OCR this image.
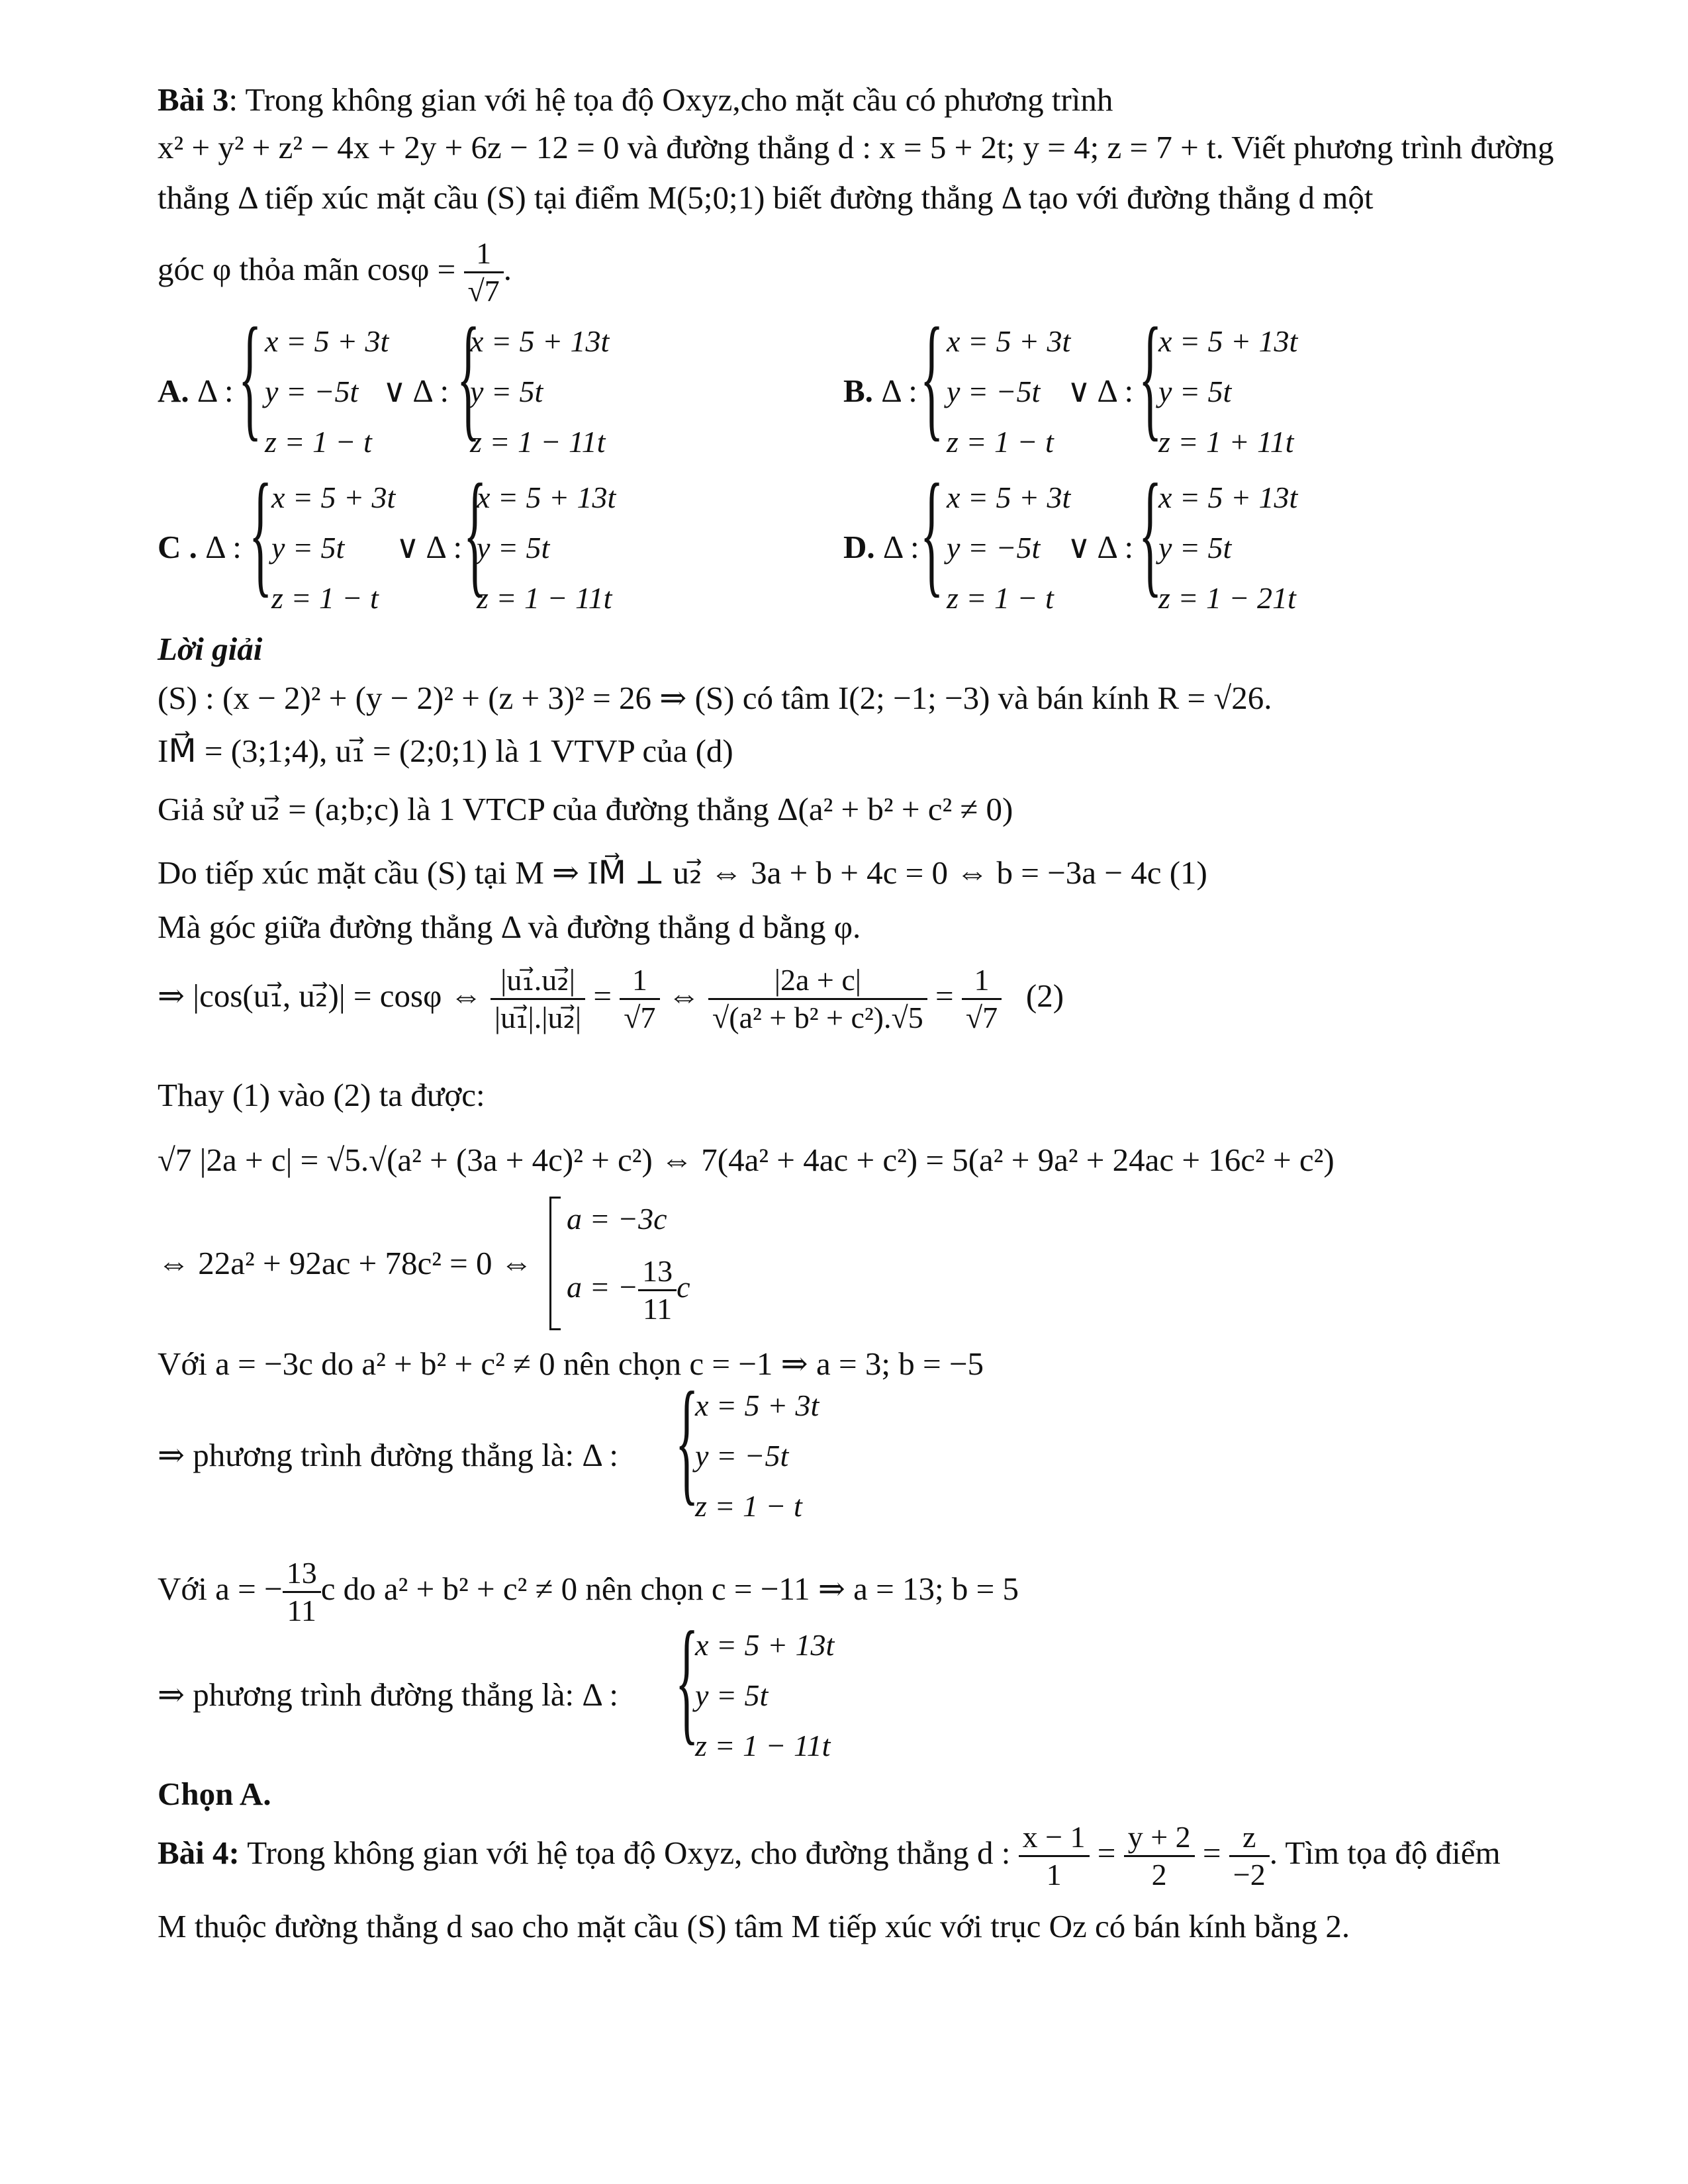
Bài 3: Trong không gian với hệ tọa độ Oxyz,cho mặt cầu có phương trình
x² + y² + z² − 4x + 2y + 6z − 12 = 0 và đường thẳng d : x = 5 + 2t; y = 4; z = 7 + t. Viết phương trình đường
thẳng Δ tiếp xúc mặt cầu (S) tại điểm M(5;0;1) biết đường thẳng Δ tạo với đường thẳng d một
góc φ thỏa mãn $\cos\varphi = \frac{1}{√7}$ .
A. Δ : { x = 5 + 3t
y = −5t
z = 1 − t
∨ Δ : {
x = 5 + 13t
y = 5t
z = 1 − 11t
B. Δ : { x = 5 + 3t
y = −5t
z = 1 − t
∨ Δ : {
x = 5 + 13t
y = 5t
z = 1 + 11t
C . Δ : {
x = 5 + 3t
y = 5t
z = 1 − t
∨ Δ : {
x = 5 + 13t
y = 5t
z = 1 − 11t
D. Δ : { x = 5 + 3t
y = −5t
z = 1 − t
∨ Δ : {
x = 5 + 13t
y = 5t
z = 1 − 21t
Lời giải
(S) : (x − 2)² + (y − 2)² + (z + 3)² = 26 ⇒ (S) có tâm I(2; −1; −3) và bán kính R = √26.
IM⃗ = (3;1;4), u₁⃗ = (2;0;1) là 1 VTVP của (d)
Giả sử u₂⃗ = (a;b;c) là 1 VTCP của đường thẳng Δ(a² + b² + c² ≠ 0)
Do tiếp xúc mặt cầu (S) tại M ⇒ IM⃗ ⊥ u₂⃗ ⇔ 3a + b + 4c = 0 ⇔ b = −3a − 4c (1)
Mà góc giữa đường thẳng Δ và đường thẳng d bằng φ.
⇒ |cos(u₁⃗, u₂⃗)| = cosφ ⇔ $\frac{\text{|u₁⃗.u₂⃗|}}{\text{|u₁⃗|.|u₂⃗|}} = \frac{1}{√7}$ ⇔ $\frac{|2a + c|}{\text{√(a² + b² + c²).√5}} = \frac{1}{√7} (2)$
Thay (1) vào (2) ta được:
√7 |2a + c| = √5.√(a² + (3a + 4c)² + c²) ⇔ 7(4a² + 4ac + c²) = 5(a² + 9a² + 24ac + 16c² + c²)
⇔ 22a² + 92ac + 78c² = 0 ⇔
a = −3c
a = − $\frac{13}{11}$ c
Với a = −3c do a² + b² + c² ≠ 0 nên chọn c = −1 ⇒ a = 3; b = −5
⇒ phương trình đường thẳng là: Δ : {
x = 5 + 3t
y = −5t
z = 1 − t
Với a = − $\frac{13}{11}$ c do a² + b² + c² ≠ 0 nên chọn c = −11 ⇒ a = 13; b = 5
⇒ phương trình đường thẳng là: Δ : {
x = 5 + 13t
y = 5t
z = 1 − 11t
Chọn A.
Bài 4: Trong không gian với hệ tọa độ Oxyz, cho đường thẳng d : $\frac{x - 1}{1} = \frac{y + 2}{2} = \frac{z}{-2}$ . Tìm tọa độ điểm
M thuộc đường thẳng d sao cho mặt cầu (S) tâm M tiếp xúc với trục Oz có bán kính bằng 2.
